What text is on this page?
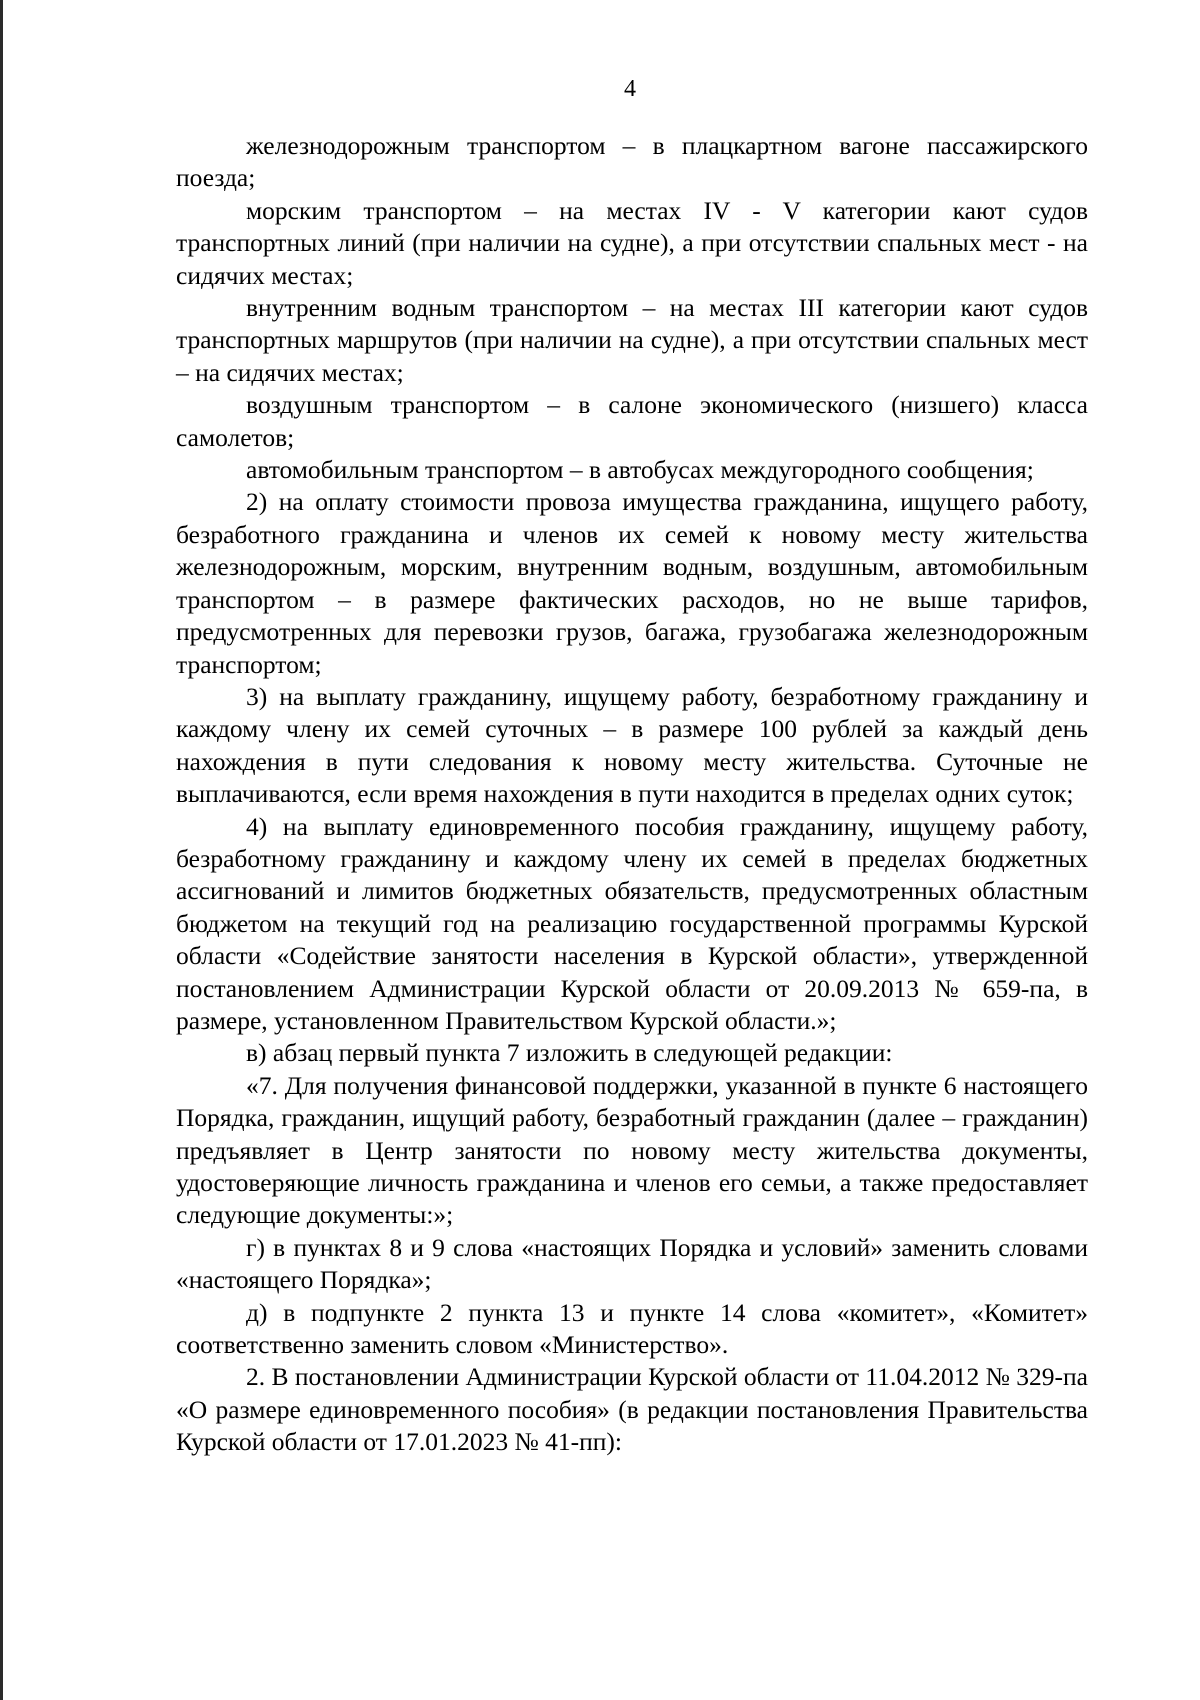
4

железнодорожным транспортом – в плацкартном вагоне пассажирского поезда;

морским транспортом – на местах IV - V категории кают судов транспортных линий (при наличии на судне), а при отсутствии спальных мест - на сидячих местах;

внутренним водным транспортом – на местах III категории кают судов транспортных маршрутов (при наличии на судне), а при отсутствии спальных мест – на сидячих местах;

воздушным транспортом – в салоне экономического (низшего) класса самолетов;

автомобильным транспортом – в автобусах междугородного сообщения;

2) на оплату стоимости провоза имущества гражданина, ищущего работу, безработного гражданина и членов их семей к новому месту жительства железнодорожным, морским, внутренним водным, воздушным, автомобильным транспортом – в размере фактических расходов, но не выше тарифов, предусмотренных для перевозки грузов, багажа, грузобагажа железнодорожным транспортом;

3) на выплату гражданину, ищущему работу, безработному гражданину и каждому членy их семей суточных – в размере 100 рублей за каждый день нахождения в пути следования к новому месту жительства. Суточные не выплачиваются, если время нахождения в пути находится в пределах одних суток;

4) на выплату единовременного пособия гражданину, ищущему работу, безработному гражданину и каждому члену их семей в пределах бюджетных ассигнований и лимитов бюджетных обязательств, предусмотренных областным бюджетом на текущий год на реализацию государственной программы Курской области «Содействие занятости населения в Курской области», утвержденной постановлением Администрации Курской области от 20.09.2013 № 659-па, в размере, установленном Правительством Курской области.»;

в) абзац первый пункта 7 изложить в следующей редакции:

«7. Для получения финансовой поддержки, указанной в пункте 6 настоящего Порядка, гражданин, ищущий работу, безработный гражданин (далее – гражданин) предъявляет в Центр занятости по новому месту жительства документы, удостоверяющие личность гражданина и членов его семьи, а также предоставляет следующие документы:»;

г) в пунктах 8 и 9 слова «настоящих Порядка и условий» заменить словами «настоящего Порядка»;

д) в подпункте 2 пункта 13 и пункте 14 слова «комитет», «Комитет» соответственно заменить словом «Министерство».

2. В постановлении Администрации Курской области от 11.04.2012 № 329-па «О размере единовременного пособия» (в редакции постановления Правительства Курской области от 17.01.2023 № 41-пп):
